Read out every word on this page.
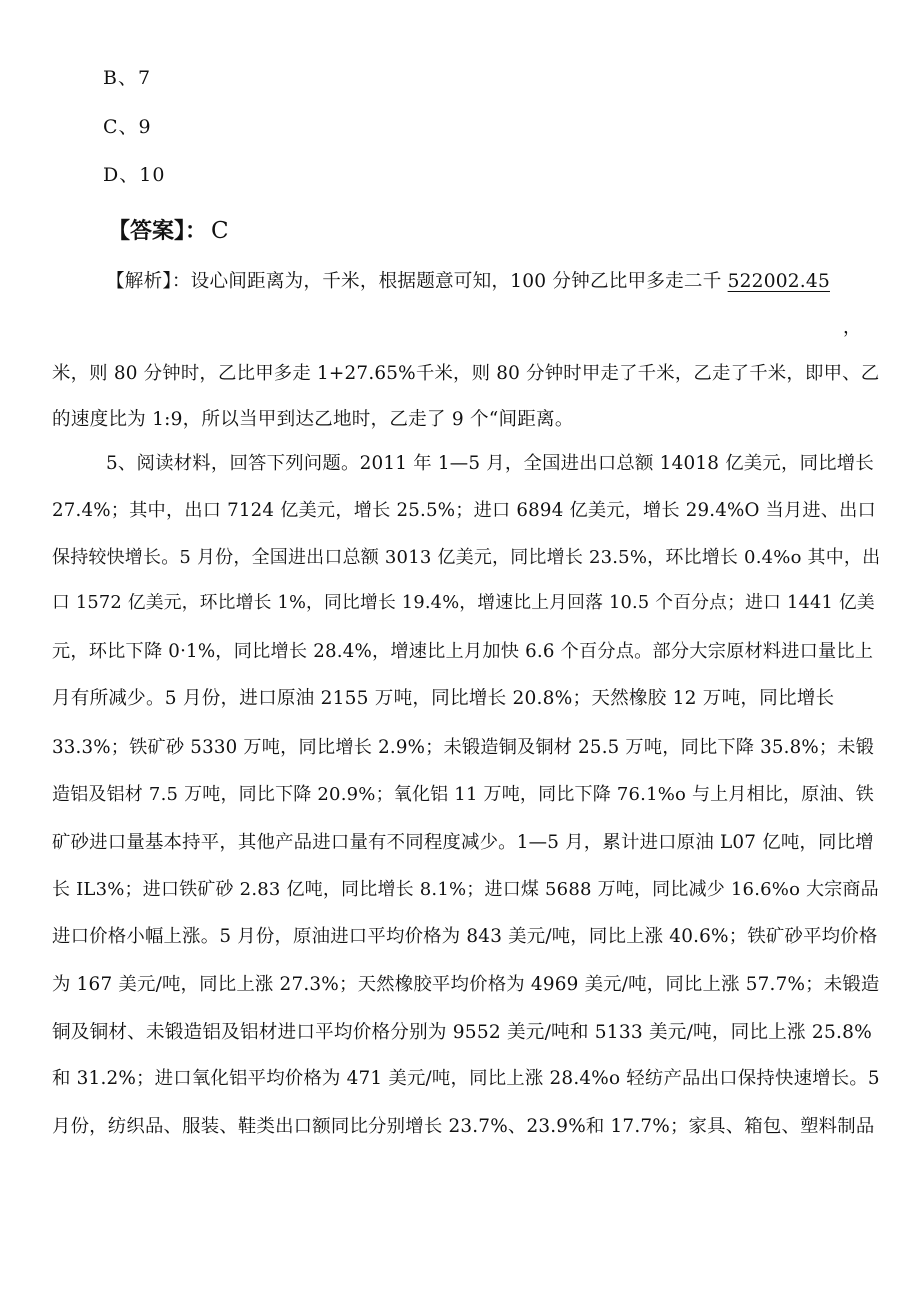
B、7
C、9
D、10
【答案】： C
【解析】：设心间距离为，千米，根据题意可知，100 分钟乙比甲多走二千 522002.45
，
米，则 80 分钟时，乙比甲多走 1+27.65%千米，则 80 分钟时甲走了千米，乙走了千米，即甲、乙
的速度比为 1:9，所以当甲到达乙地时，乙走了 9 个“间距离。
5、阅读材料，回答下列问题。2011 年 1—5 月，全国进出口总额 14018 亿美元，同比增长
27.4%；其中，出口 7124 亿美元，增长 25.5%；进口 6894 亿美元，增长 29.4%O 当月进、出口
保持较快增长。5 月份，全国进出口总额 3013 亿美元，同比增长 23.5%，环比增长 0.4%o 其中，出
口 1572 亿美元，环比增长 1%，同比增长 19.4%，增速比上月回落 10.5 个百分点；进口 1441 亿美
元，环比下降 0·1%，同比增长 28.4%，增速比上月加快 6.6 个百分点。部分大宗原材料进口量比上
月有所减少。5 月份，进口原油 2155 万吨，同比增长 20.8%；天然橡胶 12 万吨，同比增长
33.3%；铁矿砂 5330 万吨，同比增长 2.9%；未锻造铜及铜材 25.5 万吨，同比下降 35.8%；未锻
造铝及铝材 7.5 万吨，同比下降 20.9%；氧化铝 11 万吨，同比下降 76.1%o 与上月相比，原油、铁
矿砂进口量基本持平，其他产品进口量有不同程度减少。1—5 月，累计进口原油 L07 亿吨，同比增
长 IL3%；进口铁矿砂 2.83 亿吨，同比增长 8.1%；进口煤 5688 万吨，同比减少 16.6%o 大宗商品
进口价格小幅上涨。5 月份，原油进口平均价格为 843 美元/吨，同比上涨 40.6%；铁矿砂平均价格
为 167 美元/吨，同比上涨 27.3%；天然橡胶平均价格为 4969 美元/吨，同比上涨 57.7%；未锻造
铜及铜材、未锻造铝及铝材进口平均价格分别为 9552 美元/吨和 5133 美元/吨，同比上涨 25.8%
和 31.2%；进口氧化铝平均价格为 471 美元/吨，同比上涨 28.4%o 轻纺产品出口保持快速增长。5
月份，纺织品、服装、鞋类出口额同比分别增长 23.7%、23.9%和 17.7%；家具、箱包、塑料制品
